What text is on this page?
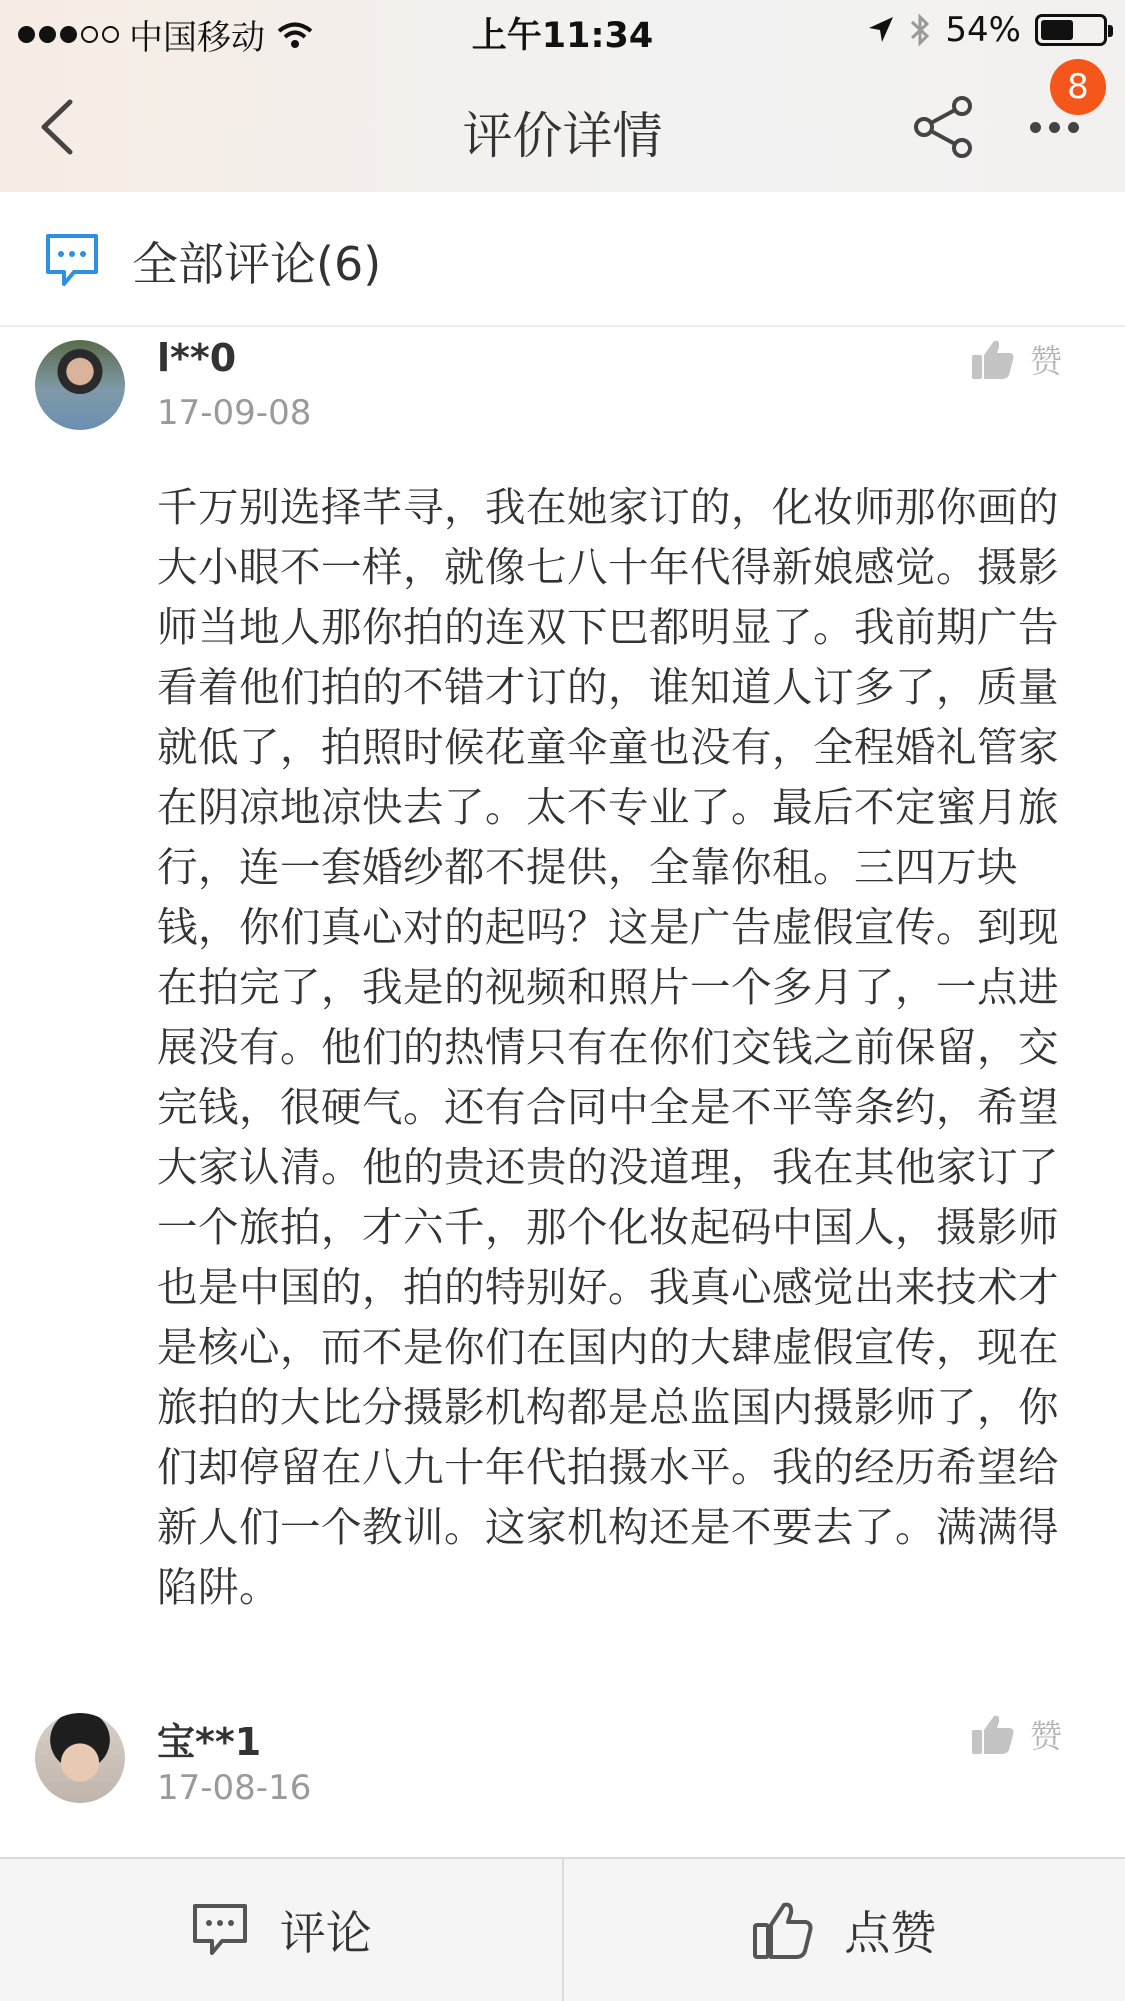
中国移动	上午11:34	54%
评价详情
8
全部评论(6)
l**0
17-09-08
赞
千万别选择芊寻，我在她家订的，化妆师那你画的大小眼不一样，就像七八十年代得新娘感觉。摄影师当地人那你拍的连双下巴都明显了。我前期广告看着他们拍的不错才订的，谁知道人订多了，质量就低了，拍照时候花童伞童也没有，全程婚礼管家在阴凉地凉快去了。太不专业了。最后不定蜜月旅行，连一套婚纱都不提供，全靠你租。三四万块钱，你们真心对的起吗？这是广告虚假宣传。到现在拍完了，我是的视频和照片一个多月了，一点进展没有。他们的热情只有在你们交钱之前保留，交完钱，很硬气。还有合同中全是不平等条约，希望大家认清。他的贵还贵的没道理，我在其他家订了一个旅拍，才六千，那个化妆起码中国人，摄影师也是中国的，拍的特别好。我真心感觉出来技术才是核心，而不是你们在国内的大肆虚假宣传，现在旅拍的大比分摄影机构都是总监国内摄影师了，你们却停留在八九十年代拍摄水平。我的经历希望给新人们一个教训。这家机构还是不要去了。满满得陷阱。
宝**1
17-08-16
赞
评论	点赞
